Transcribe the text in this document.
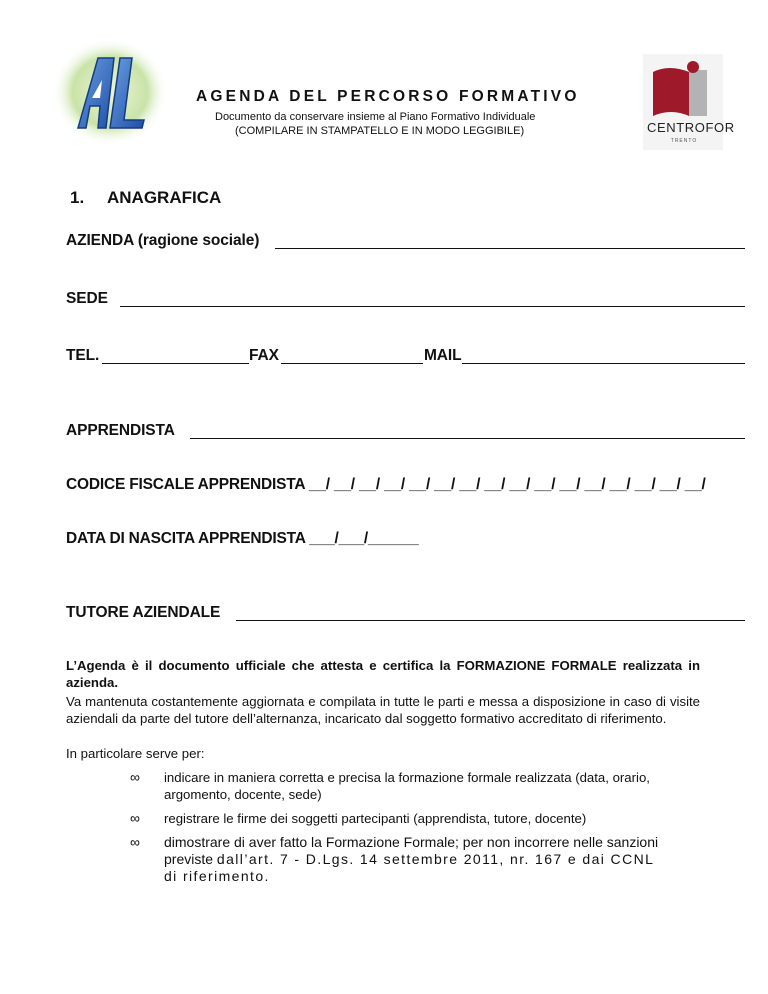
AGENDA DEL PERCORSO FORMATIVO
Documento da conservare insieme al Piano Formativo Individuale
(COMPILARE IN STAMPATELLO E IN MODO LEGGIBILE)	CENTROFOR
TRENTO
1. ANAGRAFICA
AZIENDA (ragione sociale)
SEDE
TEL.	FAX	MAIL
APPRENDISTA
CODICE FISCALE APPRENDISTA __/ __/ __/ __/ __/ __/ __/ __/ __/ __/ __/ __/ __/ __/ __/ __/
DATA DI NASCITA APPRENDISTA ___/___/______
TUTORE AZIENDALE
L’Agenda è il documento ufficiale che attesta e certifica la FORMAZIONE FORMALE realizzata in azienda.
Va mantenuta costantemente aggiornata e compilata in tutte le parti e messa a disposizione in caso di visite aziendali da parte del tutore dell’alternanza, incaricato dal soggetto formativo accreditato di riferimento.
In particolare serve per:
∞ indicare in maniera corretta e precisa la formazione formale realizzata (data, orario, argomento, docente, sede)
∞ registrare le firme dei soggetti partecipanti (apprendista, tutore, docente)
∞ dimostrare di aver fatto la Formazione Formale; per non incorrere nelle sanzioni previste dall’art. 7 - D.Lgs. 14 settembre 2011, nr. 167 e dai CCNL di riferimento.
